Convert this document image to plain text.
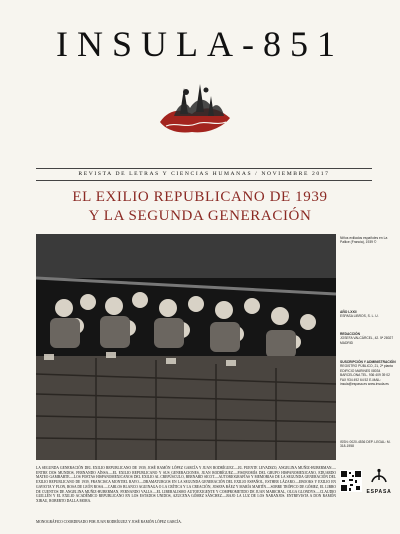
INSULA-851
REVISTA DE LETRAS Y CIENCIAS HUMANAS / NOVIEMBRE 2017
EL EXILIO REPUBLICANO DE 1939
Y LA SEGUNDA GENERACIÓN
Niños exiliados españoles en La Pallice (Francia), 1939 ©
AÑO LXXII
ESPASA LIBROS, S. L. U.
REDACCIÓN
JOSEFA VALCÁRCEL, 42. 5ª 28027 MADRID
SUSCRIPCIÓN Y ADMINISTRACIÓN
REGISTRO PÚBLICO, 21, 2ª planta EDIFICIO MARINES 08034 BARCELONA TEL. 936 409 39 02 FAX 934 492 64 52 E-MAIL: insula@espasa.es www.insula.es
ISSN: 0020-4536 DEP. LEGAL: M. 318-1958
LA SEGUNDA GENERACIÓN DEL EXILIO REPUBLICANO DE 1939, JOSÉ RAMÓN LÓPEZ GARCÍA Y JUAN RODRÍGUEZ.—EL PUENTE LEVADIZO, ANGELINA MUÑIZ-HUBERMAN.—ENTRE DOS MUNDOS, FERNANDO AÍNSA.—EL EXILIO REPUBLICANO Y SUS GENERACIONES, JUAN RODRÍGUEZ.—FISONOMÍA DEL GRUPO HISPANOMEXICANO, EDUARDO MATEO GAMBARTE.—LOS POETAS HISPANOMEXICANOS DEL EXILIO AL CREPÚSCULO, BERNARD SICOT.—AUTOBIOGRAFÍAS Y MEMORIAS DE LA SEGUNDA GENERACIÓN DEL EXILIO REPUBLICANO DE 1939, FRANCISCA MONTIEL RAYO.—DRAMATURGOS EN LA SEGUNDA GENERACIÓN DEL EXILIO ESPAÑOL, ESTHER LÁZARO.—EBOOKS Y EXILIO EN GAVIOTA Y PLON, ROSA DE LEÓN ROSA.—CARLOS BLANCO AGUINAGA O LA CRÍTICA Y LA CREACIÓN, JOSEFA BÁEZ Y MARÍA MARTÍN.—SOBRE TRÓPICO DE GÓMEZ, EL LIBRO DE CUENTOS DE ANGELINA MUÑIZ-HUBERMAN, FERNANDO VALLS.—EL LIBERALISMO AUTOEXIGENTE Y COMPROMETIDO DE JUAN MARICHAL, OLGA GLONDYS.—CLAUDIO GUILLÉN Y EL EXILIO ACADÉMICO REPUBLICANO EN LOS ESTADOS UNIDOS, AZUCENA GÓMEZ SÁNCHEZ.—BAJO LA LUZ DE LOS NARANJOS. ENTREVISTA A DON RAMÓN XIRAU, ROBERTO DALLA MORA.
MONOGRÁFICO COORDINADO POR JUAN RODRÍGUEZ Y JOSÉ RAMÓN LÓPEZ GARCÍA.
ESPASA
